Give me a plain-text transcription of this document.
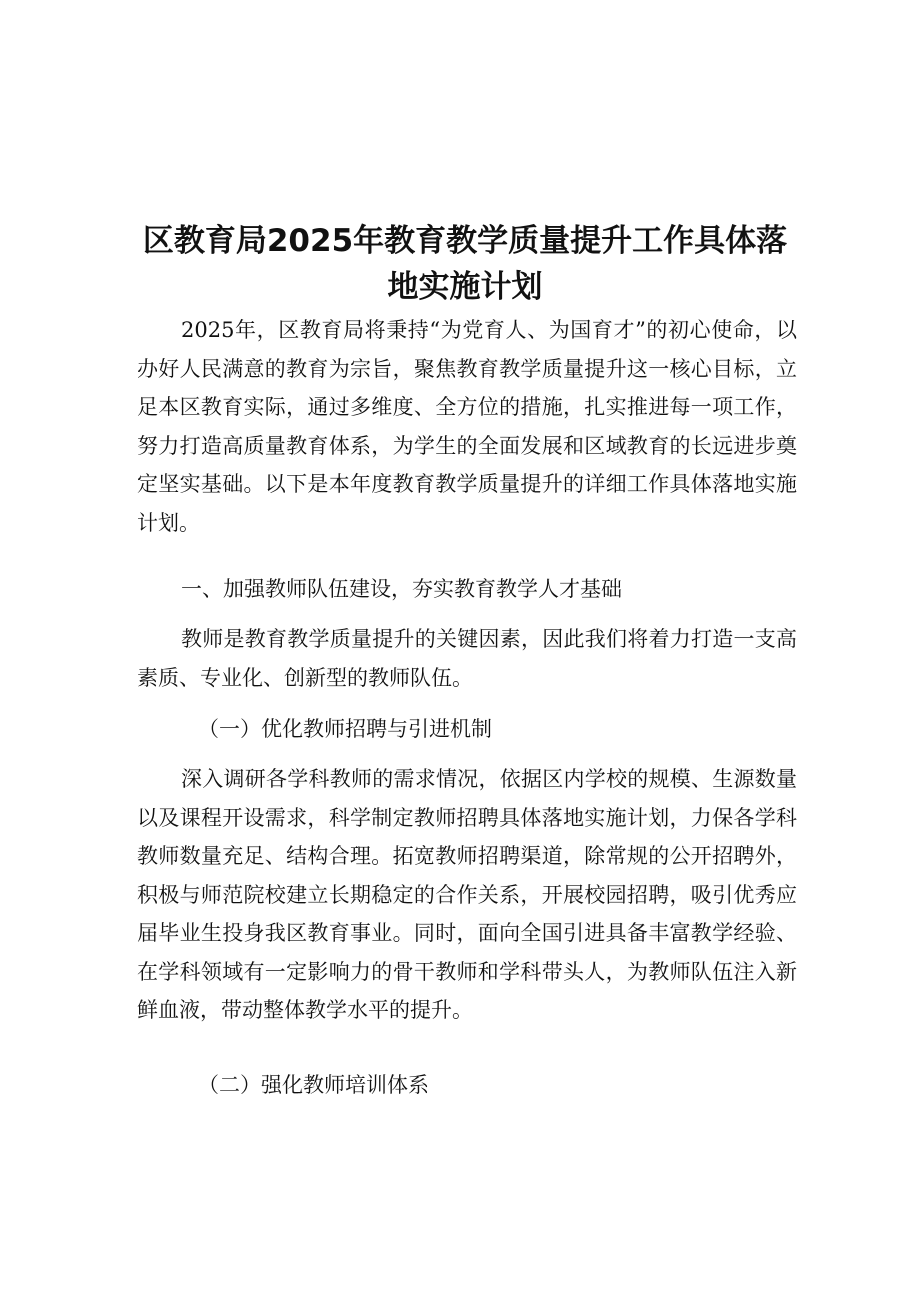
区教育局2025年教育教学质量提升工作具体落
地实施计划

2025年，区教育局将秉持“为党育人、为国育才”的初心使命，以办好人民满意的教育为宗旨，聚焦教育教学质量提升这一核心目标，立足本区教育实际，通过多维度、全方位的措施，扎实推进每一项工作，努力打造高质量教育体系，为学生的全面发展和区域教育的长远进步奠定坚实基础。以下是本年度教育教学质量提升的详细工作具体落地实施计划。

一、加强教师队伍建设，夯实教育教学人才基础

教师是教育教学质量提升的关键因素，因此我们将着力打造一支高素质、专业化、创新型的教师队伍。

（一）优化教师招聘与引进机制

深入调研各学科教师的需求情况，依据区内学校的规模、生源数量以及课程开设需求，科学制定教师招聘具体落地实施计划，力保各学科教师数量充足、结构合理。拓宽教师招聘渠道，除常规的公开招聘外，积极与师范院校建立长期稳定的合作关系，开展校园招聘，吸引优秀应届毕业生投身我区教育事业。同时，面向全国引进具备丰富教学经验、在学科领域有一定影响力的骨干教师和学科带头人，为教师队伍注入新鲜血液，带动整体教学水平的提升。

（二）强化教师培训体系
